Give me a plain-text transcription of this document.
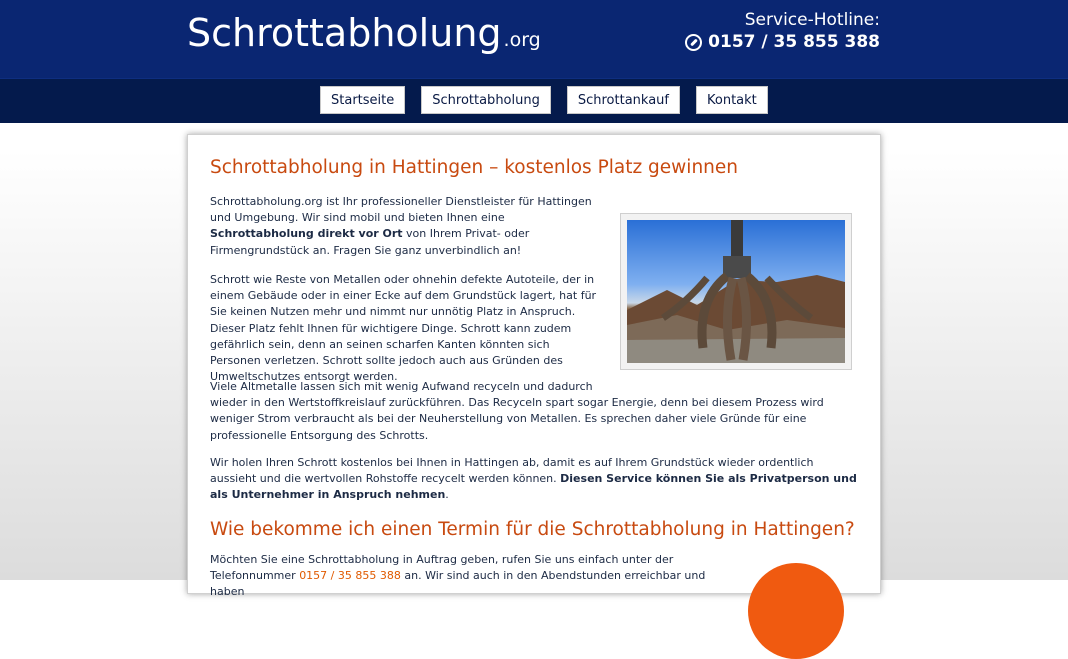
Schrottabholung .org
Service-Hotline:
0157 / 35 855 388
Startseite	Schrottabholung	Schrottankauf	Kontakt
Schrottabholung in Hattingen – kostenlos Platz gewinnen

Schrottabholung.org ist Ihr professioneller Dienstleister für Hattingen und Umgebung. Wir sind mobil und bieten Ihnen eine Schrottabholung direkt vor Ort von Ihrem Privat- oder Firmengrundstück an. Fragen Sie ganz unverbindlich an!

Schrott wie Reste von Metallen oder ohnehin defekte Autoteile, der in einem Gebäude oder in einer Ecke auf dem Grundstück lagert, hat für Sie keinen Nutzen mehr und nimmt nur unnötig Platz in Anspruch. Dieser Platz fehlt Ihnen für wichtigere Dinge. Schrott kann zudem gefährlich sein, denn an seinen scharfen Kanten könnten sich Personen verletzen. Schrott sollte jedoch auch aus Gründen des Umweltschutzes entsorgt werden.

Viele Altmetalle lassen sich mit wenig Aufwand recyceln und dadurch
wieder in den Wertstoffkreislauf zurückführen. Das Recyceln spart sogar Energie, denn bei diesem Prozess wird weniger Strom verbraucht als bei der Neuherstellung von Metallen. Es sprechen daher viele Gründe für eine professionelle Entsorgung des Schrotts.

Wir holen Ihren Schrott kostenlos bei Ihnen in Hattingen ab, damit es auf Ihrem Grundstück wieder ordentlich aussieht und die wertvollen Rohstoffe recycelt werden können. Diesen Service können Sie als Privatperson und als Unternehmer in Anspruch nehmen.

Wie bekomme ich einen Termin für die Schrottabholung in Hattingen?

Möchten Sie eine Schrottabholung in Auftrag geben, rufen Sie uns einfach unter der Telefonnummer 0157 / 35 855 388 an. Wir sind auch in den Abendstunden erreichbar und haben
